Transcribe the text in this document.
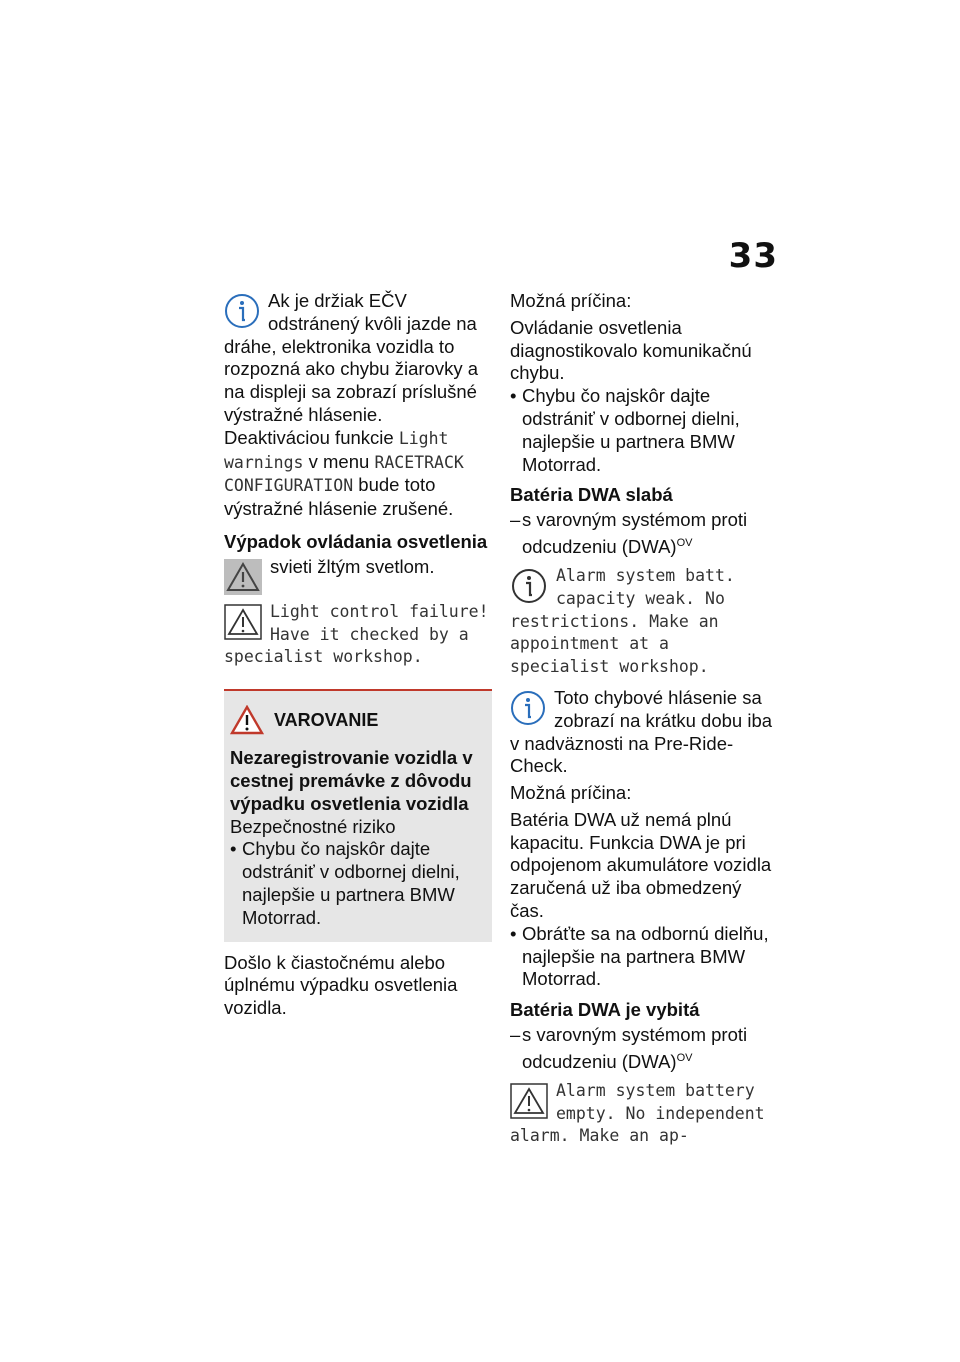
33
Ak je držiak EČV odstránený kvôli jazde na dráhe, elektronika vozidla to rozpozná ako chybu žiarovky a na displeji sa zobrazí príslušné výstražné hlásenie. Deaktiváciou funkcie Light warnings v menu RACETRACK CONFIGURATION bude toto výstražné hlásenie zrušené.
Výpadok ovládania osvetlenia
svieti žltým svetlom.
Light control failure! Have it checked by a specialist workshop.
VAROVANIE
Nezaregistrovanie vozidla v cestnej premávke z dôvodu výpadku osvetlenia vozidla
Bezpečnostné riziko
• Chybu čo najskôr dajte odstrániť v odbornej dielni, najlepšie u partnera BMW Motorrad.
Došlo k čiastočnému alebo úplnému výpadku osvetlenia vozidla.
Možná príčina:
Ovládanie osvetlenia diagnostikovalo komunikačnú chybu.
• Chybu čo najskôr dajte odstrániť v odbornej dielni, najlepšie u partnera BMW Motorrad.
Batéria DWA slabá
– s varovným systémom proti odcudzeniu (DWA)$^{OV}$
Alarm system batt. capacity weak. No restrictions. Make an appointment at a specialist workshop.
Toto chybové hlásenie sa zobrazí na krátku dobu iba v nadväznosti na Pre-Ride-Check.
Možná príčina:
Batéria DWA už nemá plnú kapacitu. Funkcia DWA je pri odpojenom akumulátore vozidla zaručená už iba obmedzený čas.
• Obráťte sa na odbornú dielňu, najlepšie na partnera BMW Motorrad.
Batéria DWA je vybitá
– s varovným systémom proti odcudzeniu (DWA)$^{OV}$
Alarm system battery empty. No independent alarm. Make an ap-
